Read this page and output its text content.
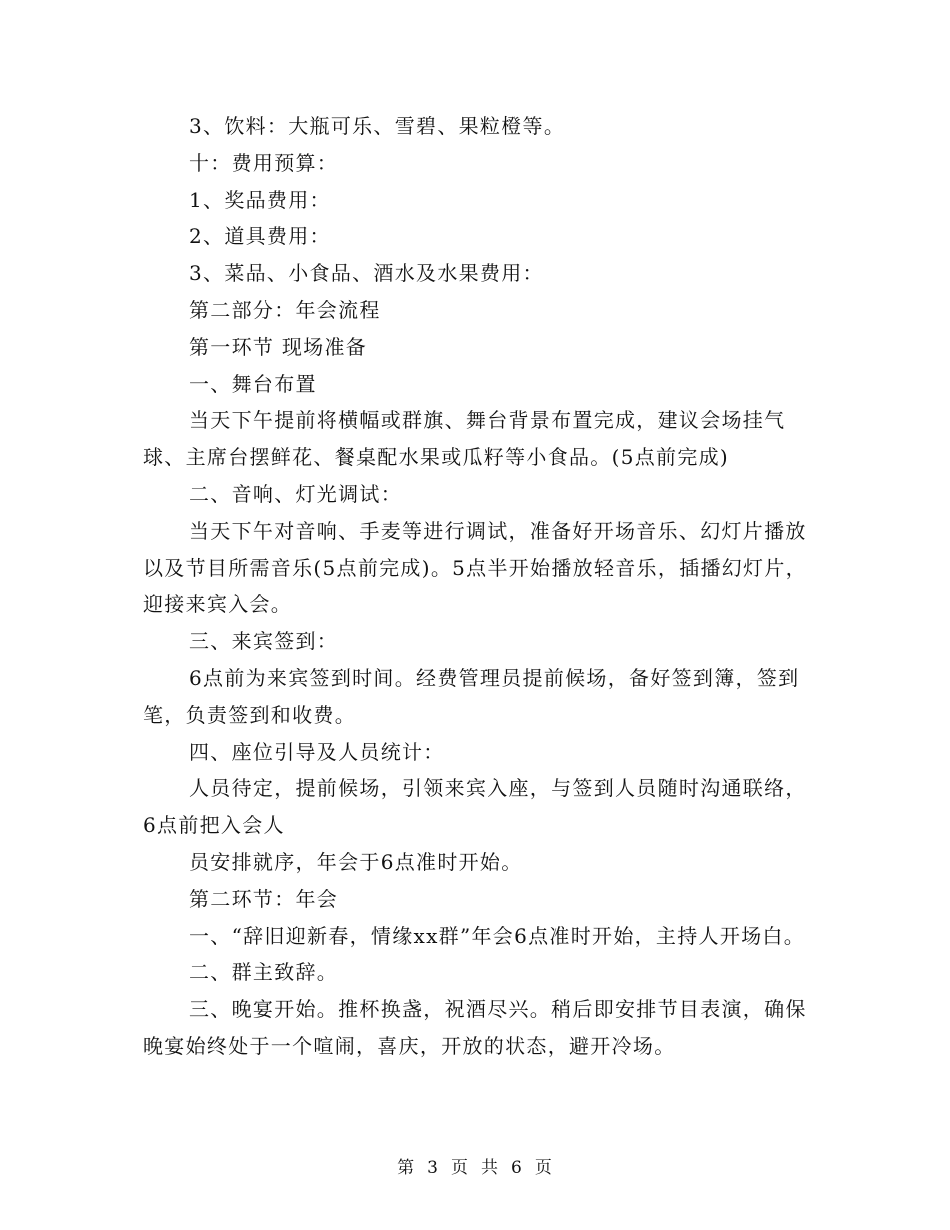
3、饮料：大瓶可乐、雪碧、果粒橙等。

十：费用预算：

1、奖品费用：

2、道具费用：

3、菜品、小食品、酒水及水果费用：

第二部分：年会流程

第一环节 现场准备

一、舞台布置

当天下午提前将横幅或群旗、舞台背景布置完成，建议会场挂气球、主席台摆鲜花、餐桌配水果或瓜籽等小食品。(5点前完成)

二、音响、灯光调试：

当天下午对音响、手麦等进行调试，准备好开场音乐、幻灯片播放以及节目所需音乐(5点前完成)。5点半开始播放轻音乐，插播幻灯片，迎接来宾入会。

三、来宾签到：

6点前为来宾签到时间。经费管理员提前候场，备好签到簿，签到笔，负责签到和收费。

四、座位引导及人员统计：

人员待定，提前候场，引领来宾入座，与签到人员随时沟通联络，6点前把入会人

员安排就序，年会于6点准时开始。

第二环节：年会

一、“辞旧迎新春，情缘xx群”年会6点准时开始，主持人开场白。

二、群主致辞。

三、晚宴开始。推杯换盏，祝酒尽兴。稍后即安排节目表演，确保晚宴始终处于一个喧闹，喜庆，开放的状态，避开冷场。

第 3 页 共 6 页
